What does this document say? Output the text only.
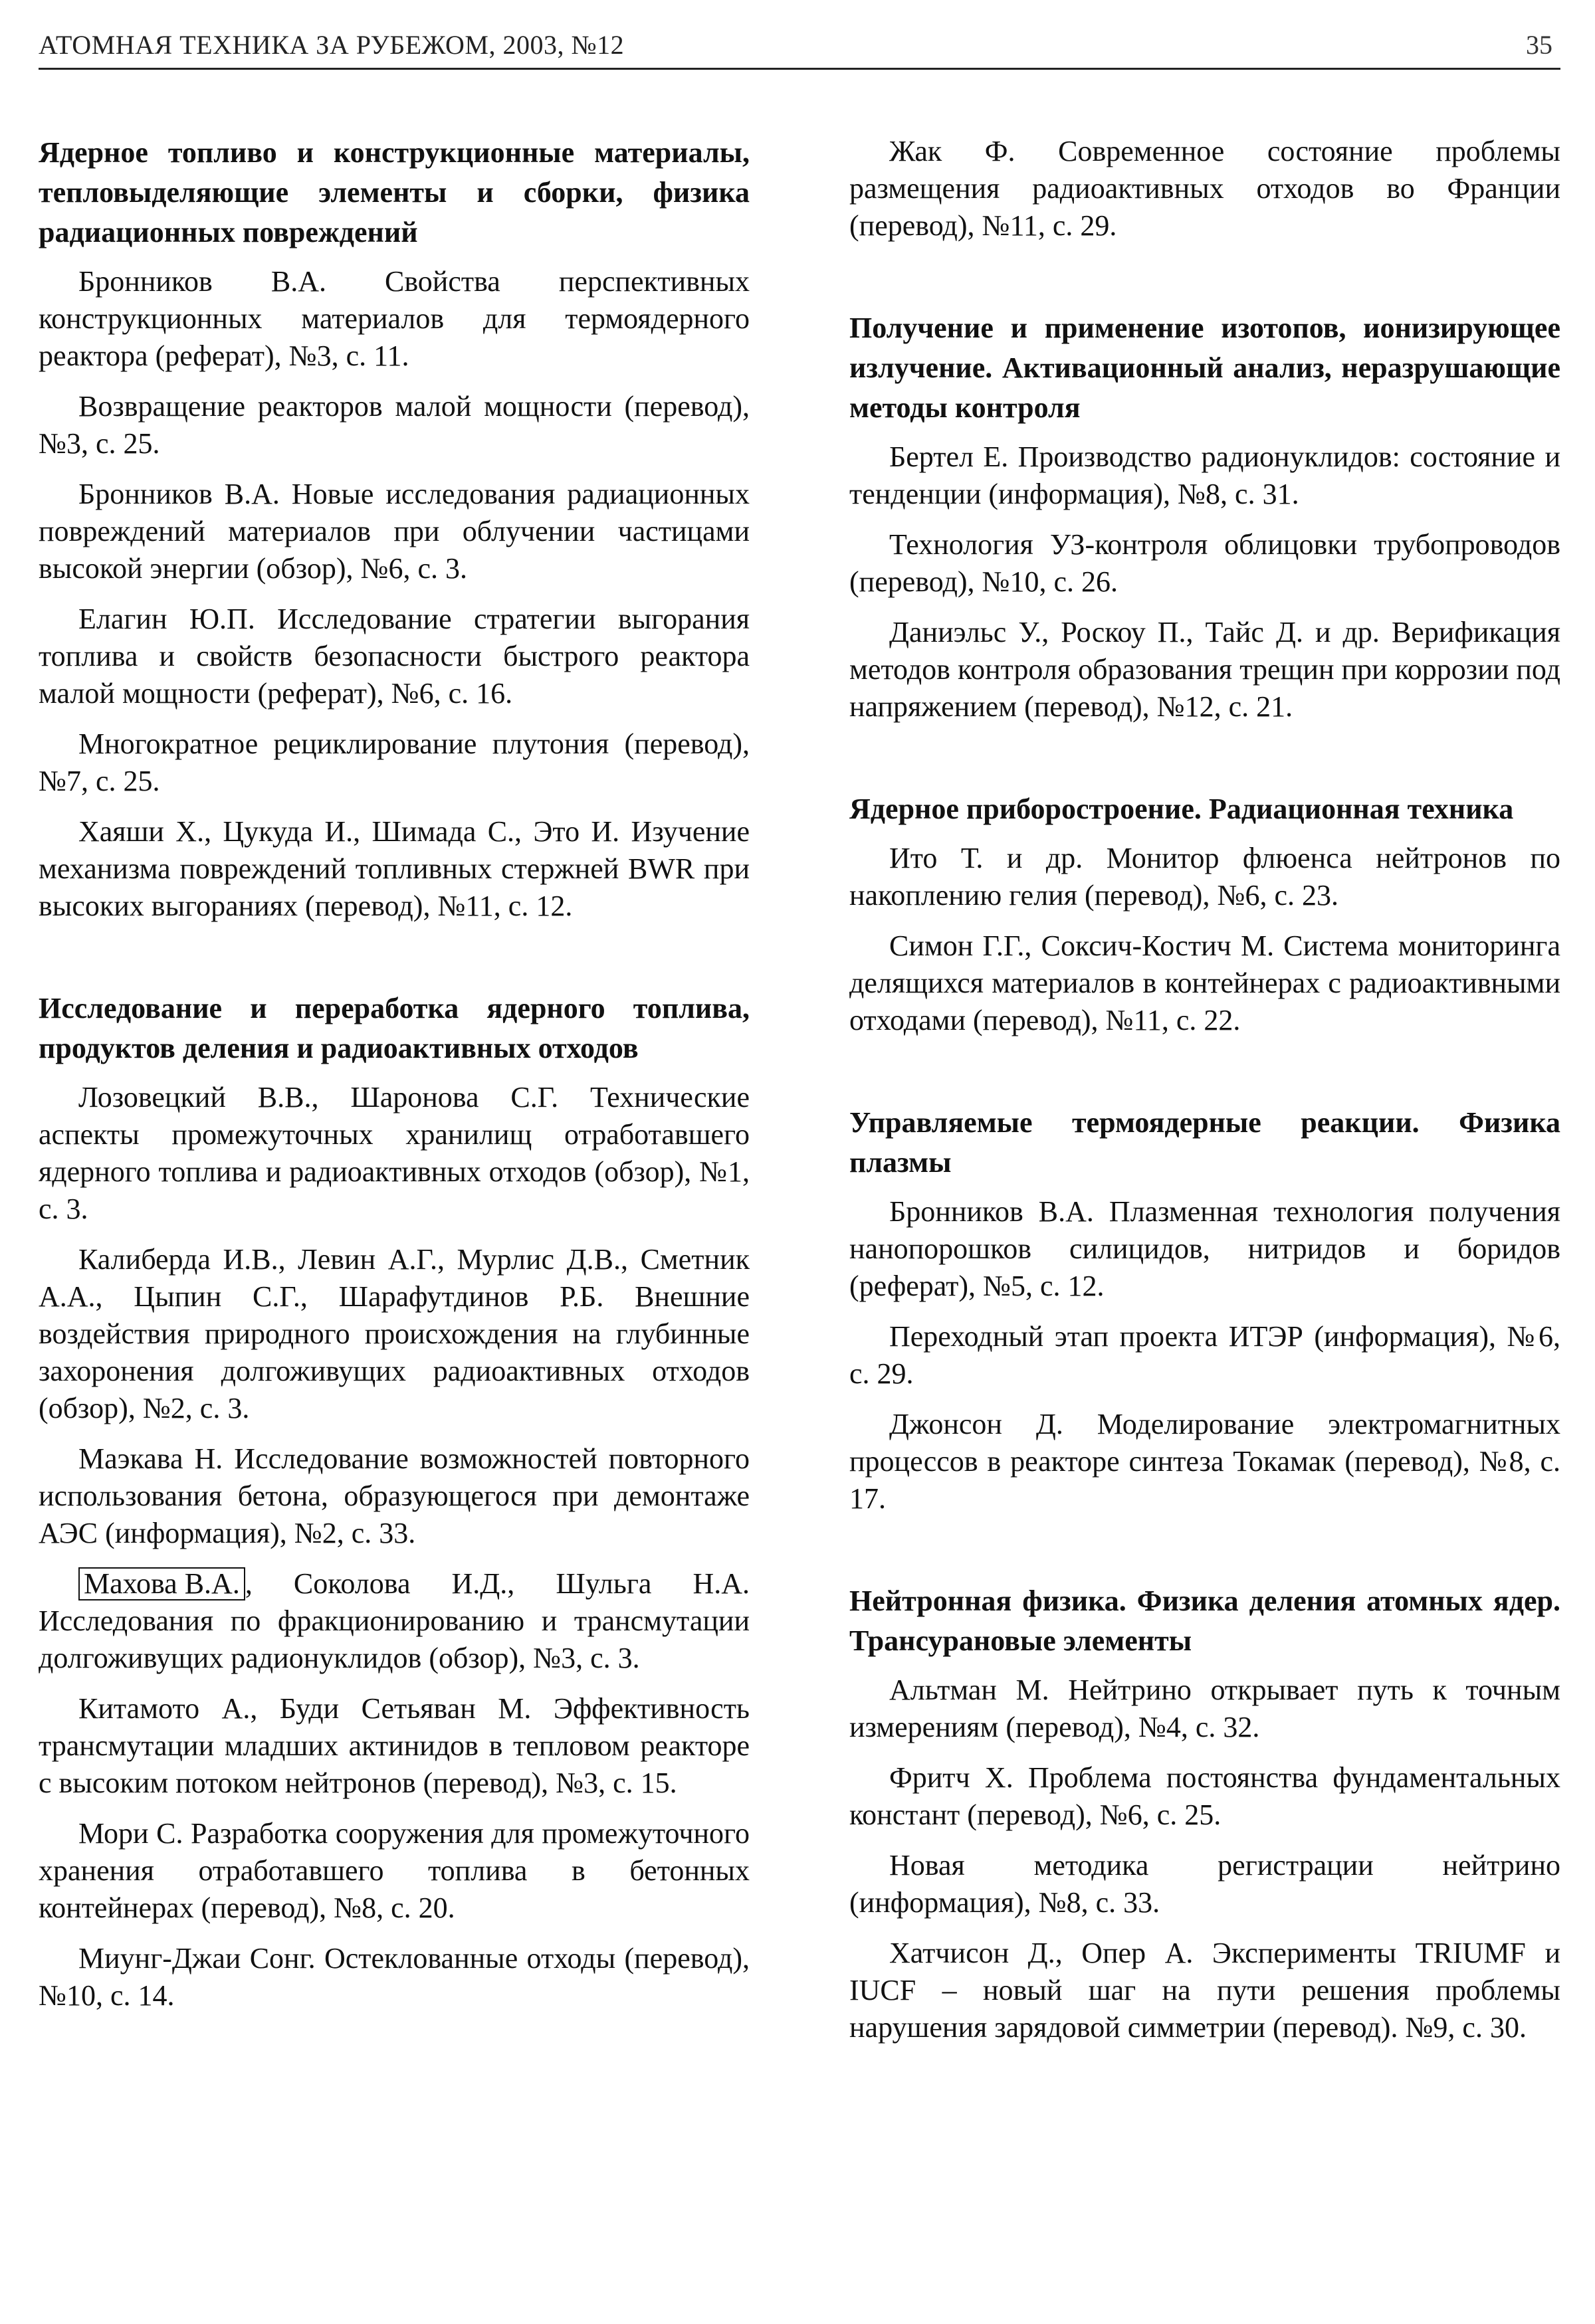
АТОМНАЯ ТЕХНИКА ЗА РУБЕЖОМ, 2003, №12	35
Ядерное топливо и конструкционные материалы, тепловыделяющие элементы и сборки, физика радиационных повреждений

Бронников В.А. Свойства перспективных конструкционных материалов для термоядерного реактора (реферат), №3, с. 11.

Возвращение реакторов малой мощности (перевод), №3, с. 25.

Бронников В.А. Новые исследования радиационных повреждений материалов при облучении частицами высокой энергии (обзор), №6, с. 3.

Елагин Ю.П. Исследование стратегии выгорания топлива и свойств безопасности быстрого реактора малой мощности (реферат), №6, с. 16.

Многократное рециклирование плутония (перевод), №7, с. 25.

Хаяши Х., Цукуда И., Шимада С., Это И. Изучение механизма повреждений топливных стержней BWR при высоких выгораниях (перевод), №11, с. 12.

Исследование и переработка ядерного топлива, продуктов деления и радиоактивных отходов

Лозовецкий В.В., Шаронова С.Г. Технические аспекты промежуточных хранилищ отработавшего ядерного топлива и радиоактивных отходов (обзор), №1, с. 3.

Калиберда И.В., Левин А.Г., Мурлис Д.В., Сметник А.А., Цыпин С.Г., Шарафутдинов Р.Б. Внешние воздействия природного происхождения на глубинные захоронения долгоживущих радиоактивных отходов (обзор), №2, с. 3.

Маэкава Н. Исследование возможностей повторного использования бетона, образующегося при демонтаже АЭС (информация), №2, с. 33.

Махова В.А. , Соколова И.Д., Шульга Н.А. Исследования по фракционированию и трансмутации долгоживущих радионуклидов (обзор), №3, с. 3.

Китамото А., Буди Сетьяван М. Эффективность трансмутации младших актинидов в тепловом реакторе с высоким потоком нейтронов (перевод), №3, с. 15.

Мори С. Разработка сооружения для промежуточного хранения отработавшего топлива в бетонных контейнерах (перевод), №8, с. 20.

Миунг-Джаи Сонг. Остеклованные отходы (перевод), №10, с. 14.

Жак Ф. Современное состояние проблемы размещения радиоактивных отходов во Франции (перевод), №11, с. 29.

Получение и применение изотопов, ионизирующее излучение. Активационный анализ, неразрушающие методы контроля

Бертел Е. Производство радионуклидов: состояние и тенденции (информация), №8, с. 31.

Технология УЗ-контроля облицовки трубопроводов (перевод), №10, с. 26.

Даниэльс У., Роскоу П., Тайс Д. и др. Верификация методов контроля образования трещин при коррозии под напряжением (перевод), №12, с. 21.

Ядерное приборостроение. Радиационная техника

Ито Т. и др. Монитор флюенса нейтронов по накоплению гелия (перевод), №6, с. 23.

Симон Г.Г., Соксич-Костич М. Система мониторинга делящихся материалов в контейнерах с радиоактивными отходами (перевод), №11, с. 22.

Управляемые термоядерные реакции. Физика плазмы

Бронников В.А. Плазменная технология получения нанопорошков силицидов, нитридов и боридов (реферат), №5, с. 12.

Переходный этап проекта ИТЭР (информация), №6, с. 29.

Джонсон Д. Моделирование электромагнитных процессов в реакторе синтеза Токамак (перевод), №8, с. 17.

Нейтронная физика. Физика деления атомных ядер. Трансурановые элементы

Альтман М. Нейтрино открывает путь к точным измерениям (перевод), №4, с. 32.

Фритч Х. Проблема постоянства фундаментальных констант (перевод), №6, с. 25.

Новая методика регистрации нейтрино (информация), №8, с. 33.

Хатчисон Д., Опер А. Эксперименты TRIUMF и IUCF – новый шаг на пути решения проблемы нарушения зарядовой симметрии (перевод). №9, с. 30.
